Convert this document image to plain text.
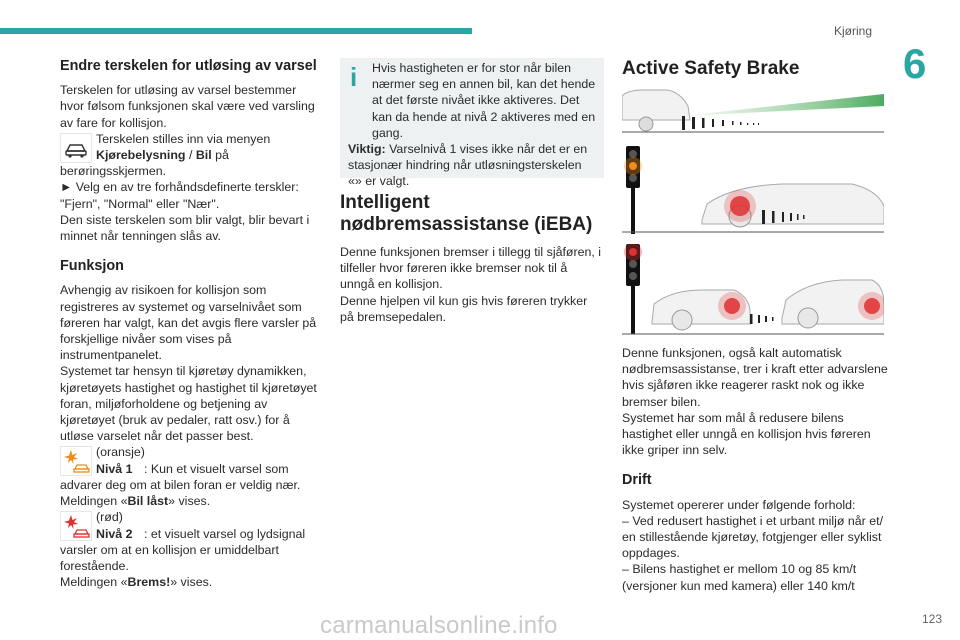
Kjøring
6
123
carmanualsonline.info
Endre terskelen for utløsing av varsel

Terskelen for utløsing av varsel bestemmer hvor følsom funksjonen skal være ved varsling av fare for kollisjon.

Terskelen stilles inn via menyen

Kjørebelysning / Bil på

berøringsskjermen.

► Velg en av tre forhåndsdefinerte terskler: "Fjern", "Normal" eller "Nær".

Den siste terskelen som blir valgt, blir bevart i minnet når tenningen slås av.

Funksjon

Avhengig av risikoen for kollisjon som registreres av systemet og varselnivået som føreren har valgt, kan det avgis flere varsler på forskjellige nivåer som vises på instrumentpanelet.

Systemet tar hensyn til kjøretøy dynamikken, kjøretøyets hastighet og hastighet til kjøretøyet foran, miljøforholdene og betjening av kjøretøyet (bruk av pedaler, ratt osv.) for å utløse varselet når det passer best.

(oransje)

Nivå 1 : Kun et visuelt varsel som advarer deg om at bilen foran er veldig nær.

Meldingen «Bil låst» vises.

(rød)

Nivå 2 : et visuelt varsel og lydsignal varsler om at en kollisjon er umiddelbart forestående.

Meldingen «Brems!» vises.

i	Hvis hastigheten er for stor når bilen nærmer seg en annen bil, kan det hende at det første nivået ikke aktiveres. Det kan da hende at nivå 2 aktiveres med en gang.

Viktig: Varselnivå 1 vises ikke når det er en stasjonær hindring når utløsningsterskelen «» er valgt.

Intelligent nødbremsassistanse (iEBA)

Denne funksjonen bremser i tillegg til sjåføren, i tilfeller hvor føreren ikke bremser nok til å unngå en kollisjon.

Denne hjelpen vil kun gis hvis føreren trykker på bremsepedalen.

Active Safety Brake

Denne funksjonen, også kalt automatisk nødbremsassistanse, trer i kraft etter advarslene hvis sjåføren ikke reagerer raskt nok og ikke bremser bilen.

Systemet har som mål å redusere bilens hastighet eller unngå en kollisjon hvis føreren ikke griper inn selv.

Drift

Systemet opererer under følgende forhold:

– Ved redusert hastighet i et urbant miljø når et/ en stillestående kjøretøy, fotgjenger eller syklist oppdages.

– Bilens hastighet er mellom 10 og 85 km/t (versjoner kun med kamera) eller 140 km/t
